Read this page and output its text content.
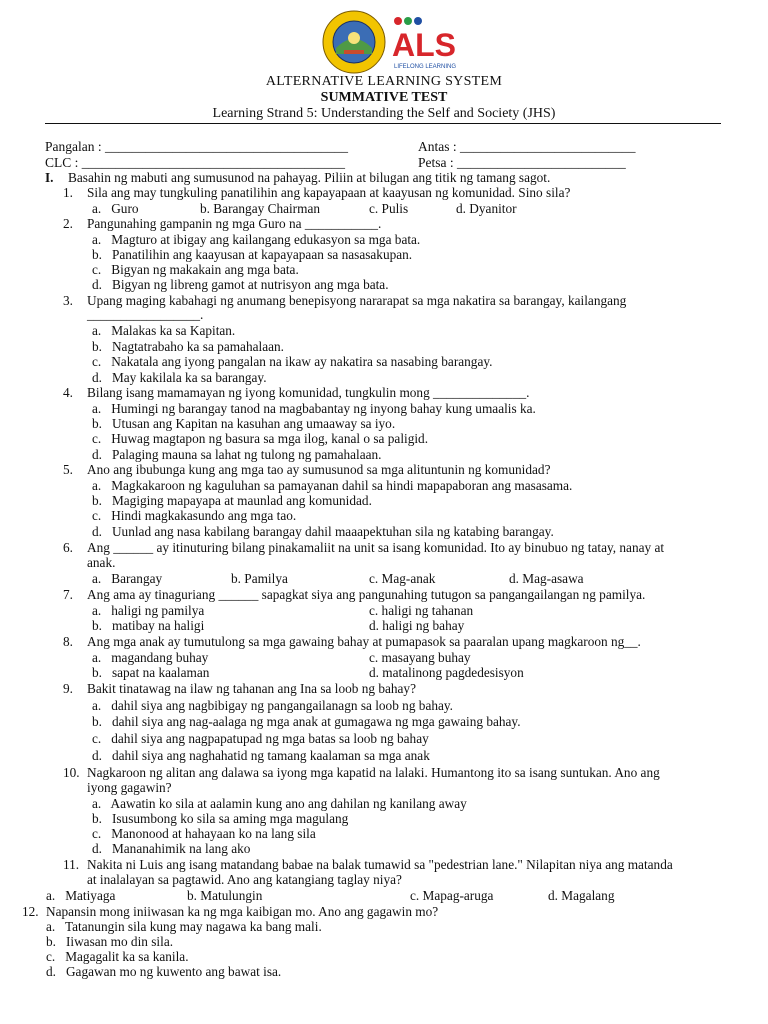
ALS
LIFELONG LEARNING
ALTERNATIVE LEARNING SYSTEM
SUMMATIVE TEST
Learning Strand 5: Understanding the Self and Society (JHS)
Pangalan : ____________________________________	Antas : __________________________
CLC : _______________________________________	Petsa : _________________________
I. Basahin ng mabuti ang sumusunod na pahayag. Piliin at bilugan ang titik ng tamang sagot.
1. Sila ang may tungkuling panatilihin ang kapayapaan at kaayusan ng komunidad. Sino sila?
a.   Guro	b. Barangay Chairman	c. Pulis	d. Dyanitor
2. Pangunahing gampanin ng mga Guro na ___________.
a.   Magturo at ibigay ang kailangang edukasyon sa mga bata.
b.   Panatilihin ang kaayusan at kapayapaan sa nasasakupan.
c.   Bigyan ng makakain ang mga bata.
d.   Bigyan ng libreng gamot at nutrisyon ang mga bata.
3. Upang maging kabahagi ng anumang benepisyong nararapat sa mga nakatira sa barangay, kailangang
_________________.
a.   Malakas ka sa Kapitan.
b.   Nagtatrabaho ka sa pamahalaan.
c.   Nakatala ang iyong pangalan na ikaw ay nakatira sa nasabing barangay.
d.   May kakilala ka sa barangay.
4. Bilang isang mamamayan ng iyong komunidad, tungkulin mong ______________.
a.   Humingi ng barangay tanod na magbabantay ng inyong bahay kung umaalis ka.
b.   Utusan ang Kapitan na kasuhan ang umaaway sa iyo.
c.   Huwag magtapon ng basura sa mga ilog, kanal o sa paligid.
d.   Palaging mauna sa lahat ng tulong ng pamahalaan.
5. Ano ang ibubunga kung ang mga tao ay sumusunod sa mga alituntunin ng komunidad?
a.   Magkakaroon ng kaguluhan sa pamayanan dahil sa hindi mapapaboran ang masasama.
b.   Magiging mapayapa at maunlad ang komunidad.
c.   Hindi magkakasundo ang mga tao.
d.   Uunlad ang nasa kabilang barangay dahil maaapektuhan sila ng katabing barangay.
6. Ang ______ ay itinuturing bilang pinakamaliit na unit sa isang komunidad. Ito ay binubuo ng tatay, nanay at
anak.
a.   Barangay	b. Pamilya	c. Mag-anak	d. Mag-asawa
7. Ang ama ay tinaguriang ______ sapagkat siya ang pangunahing tutugon sa pangangailangan ng pamilya.
a.   haligi ng pamilya	c. haligi ng tahanan
b.   matibay na haligi	d. haligi ng bahay
8. Ang mga anak ay tumutulong sa mga gawaing bahay at pumapasok sa paaralan upang magkaroon ng__.
a.   magandang buhay	c. masayang buhay
b.   sapat na kaalaman	d. matalinong pagdedesisyon
9. Bakit tinatawag na ilaw ng tahanan ang Ina sa loob ng bahay?
a.   dahil siya ang nagbibigay ng pangangailanagn sa loob ng bahay.
b.   dahil siya ang nag-aalaga ng mga anak at gumagawa ng mga gawaing bahay.
c.   dahil siya ang nagpapatupad ng mga batas sa loob ng bahay
d.   dahil siya ang naghahatid ng tamang kaalaman sa mga anak
10. Nagkaroon ng alitan ang dalawa sa iyong mga kapatid na lalaki. Humantong ito sa isang suntukan. Ano ang
iyong gagawin?
a.   Aawatin ko sila at aalamin kung ano ang dahilan ng kanilang away
b.   Isusumbong ko sila sa aming mga magulang
c.   Manonood at hahayaan ko na lang sila
d.   Mananahimik na lang ako
11. Nakita ni Luis ang isang matandang babae na balak tumawid sa "pedestrian lane." Nilapitan niya ang matanda
at inalalayan sa pagtawid. Ano ang katangiang taglay niya?
a.   Matiyaga	b. Matulungin	c. Mapag-aruga	d. Magalang
12. Napansin mong iniiwasan ka ng mga kaibigan mo. Ano ang gagawin mo?
a.   Tatanungin sila kung may nagawa ka bang mali.
b.   Iiwasan mo din sila.
c.   Magagalit ka sa kanila.
d.   Gagawan mo ng kuwento ang bawat isa.
